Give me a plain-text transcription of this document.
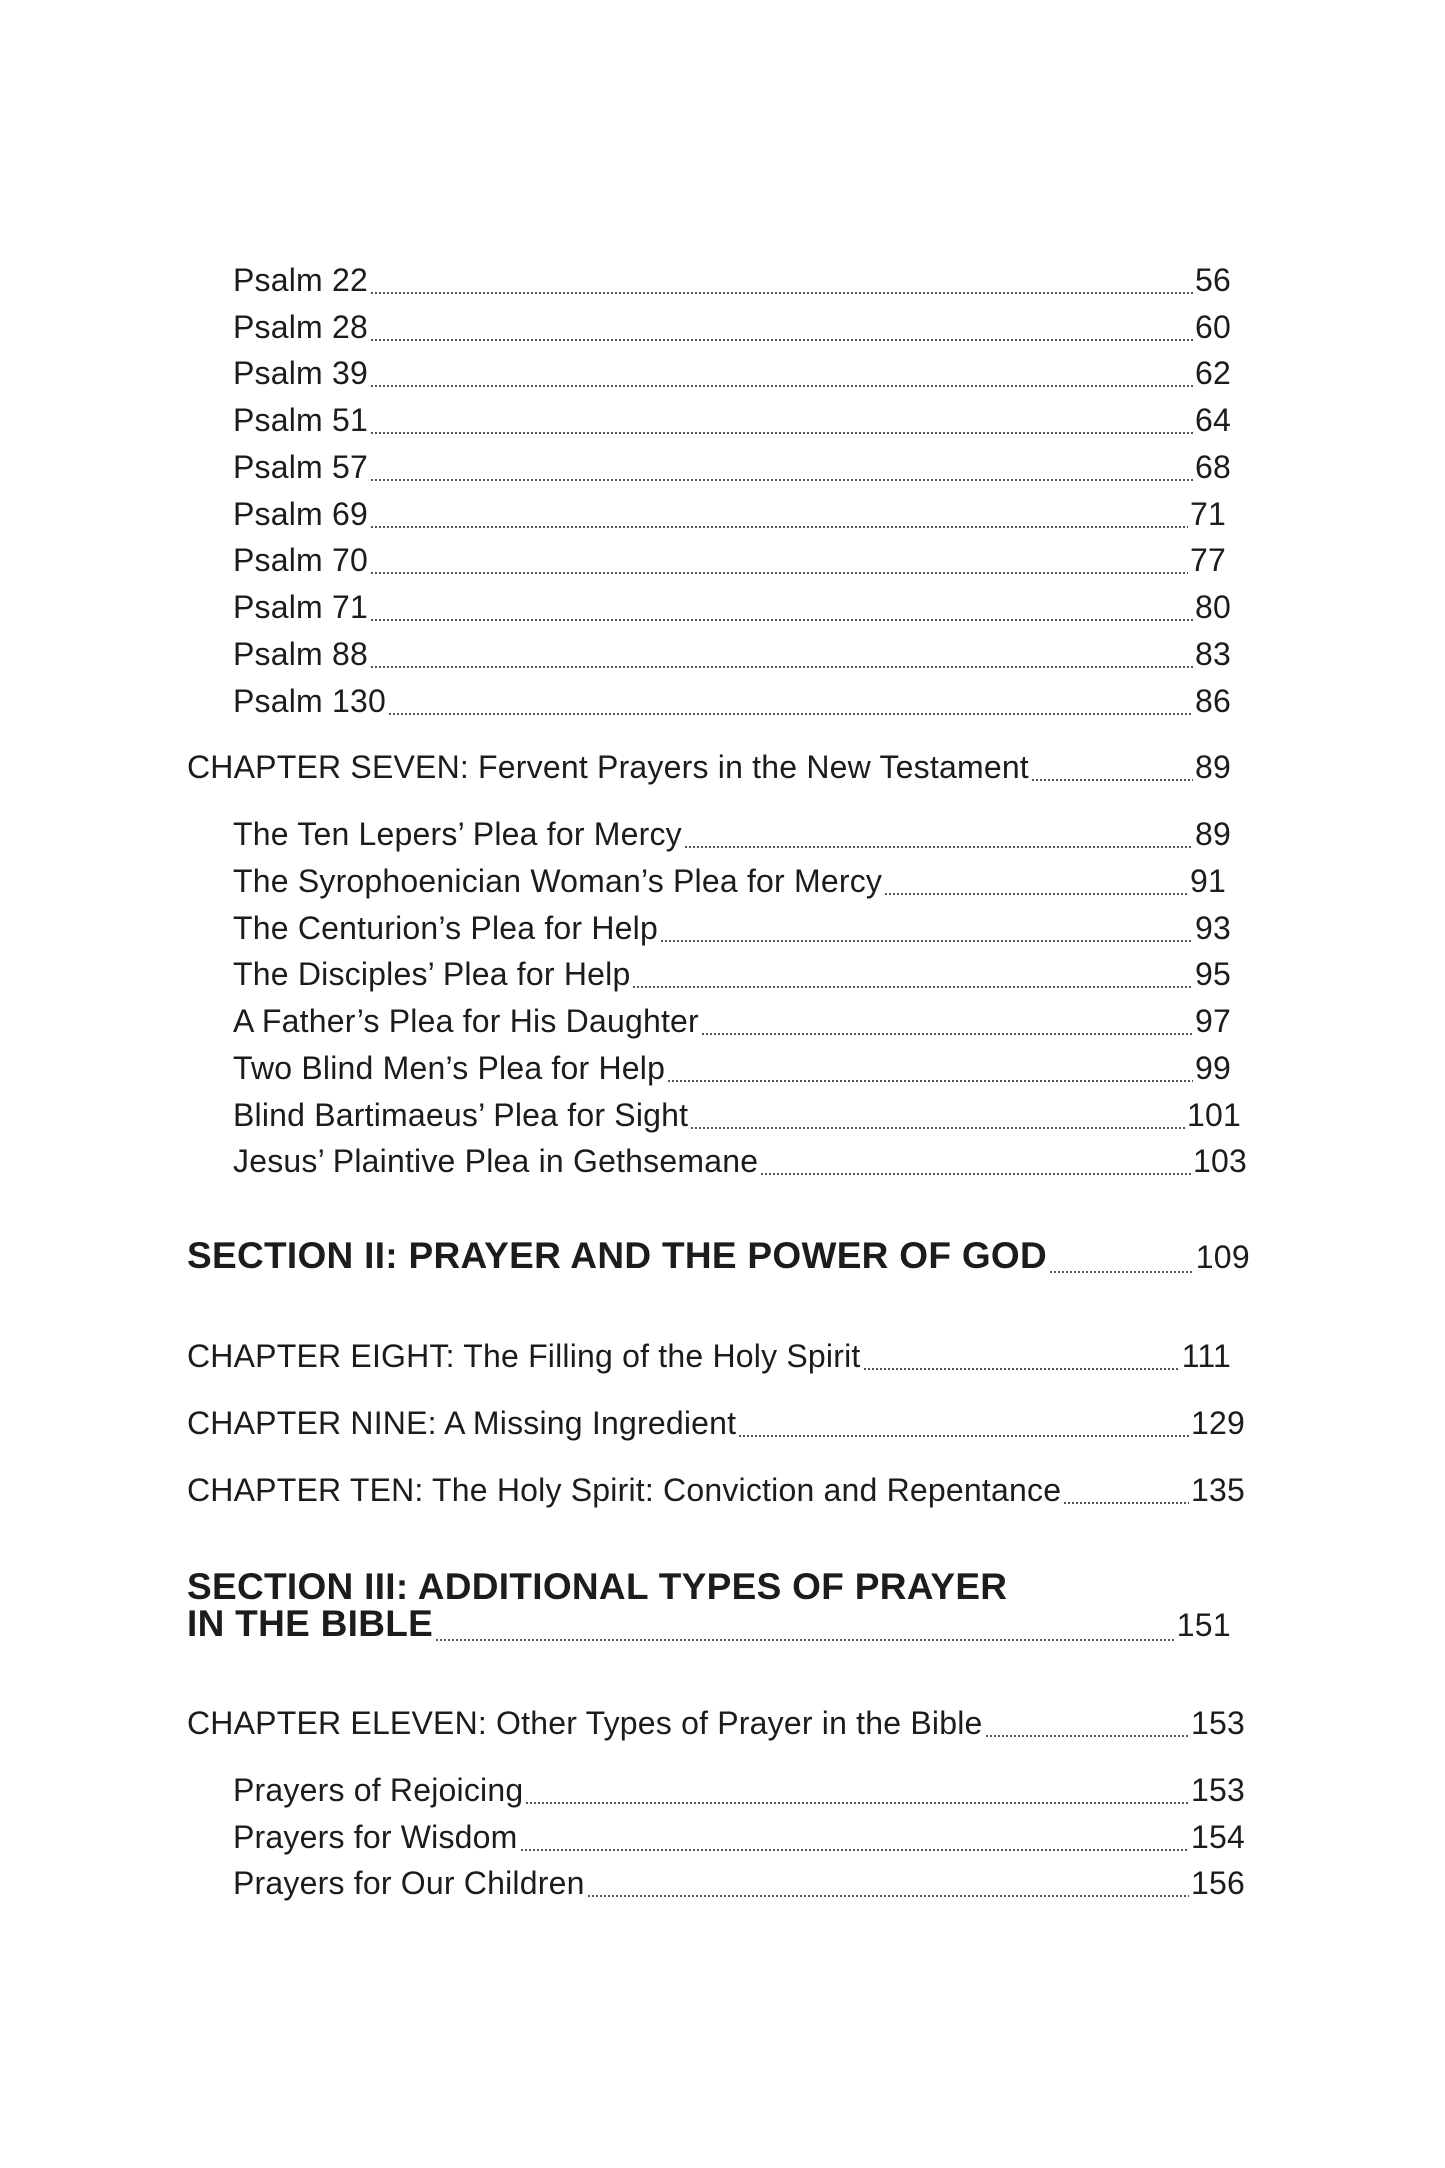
Psalm 22	56
Psalm 28	60
Psalm 39	62
Psalm 51	64
Psalm 57	68
Psalm 69	71
Psalm 70	77
Psalm 71	80
Psalm 88	83
Psalm 130	86
CHAPTER SEVEN: Fervent Prayers in the New Testament	89
The Ten Lepers’ Plea for Mercy	89
The Syrophoenician Woman’s Plea for Mercy	91
The Centurion’s Plea for Help	93
The Disciples’ Plea for Help	95
A Father’s Plea for His Daughter	97
Two Blind Men’s Plea for Help	99
Blind Bartimaeus’ Plea for Sight	101
Jesus’ Plaintive Plea in Gethsemane	103
SECTION II: PRAYER AND THE POWER OF GOD	109
CHAPTER EIGHT: The Filling of the Holy Spirit	111
CHAPTER NINE: A Missing Ingredient	129
CHAPTER TEN: The Holy Spirit: Conviction and Repentance	135
SECTION III: ADDITIONAL TYPES OF PRAYER
IN THE BIBLE	151
CHAPTER ELEVEN: Other Types of Prayer in the Bible	153
Prayers of Rejoicing	153
Prayers for Wisdom	154
Prayers for Our Children	156
